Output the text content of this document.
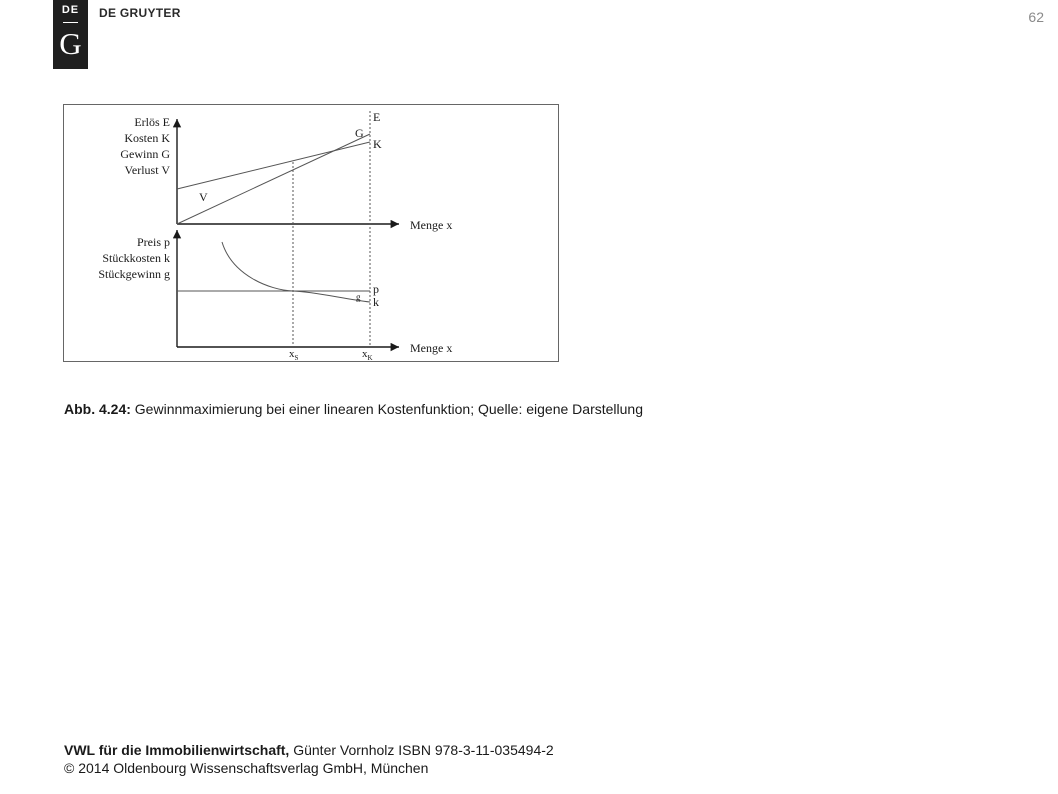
DE
G
DE GRUYTER	62
Erlös E
Kosten K
Gewinn G
Verlust V
E
G
K
V
Menge x
Preis p
Stückkosten k
Stückgewinn g
p
k
g
Menge x
$x_S$	$x_K$
Abb. 4.24: Gewinnmaximierung bei einer linearen Kostenfunktion; Quelle: eigene Darstellung
VWL für die Immobilienwirtschaft, Günter Vornholz ISBN 978-3-11-035494-2
© 2014 Oldenbourg Wissenschaftsverlag GmbH, München
